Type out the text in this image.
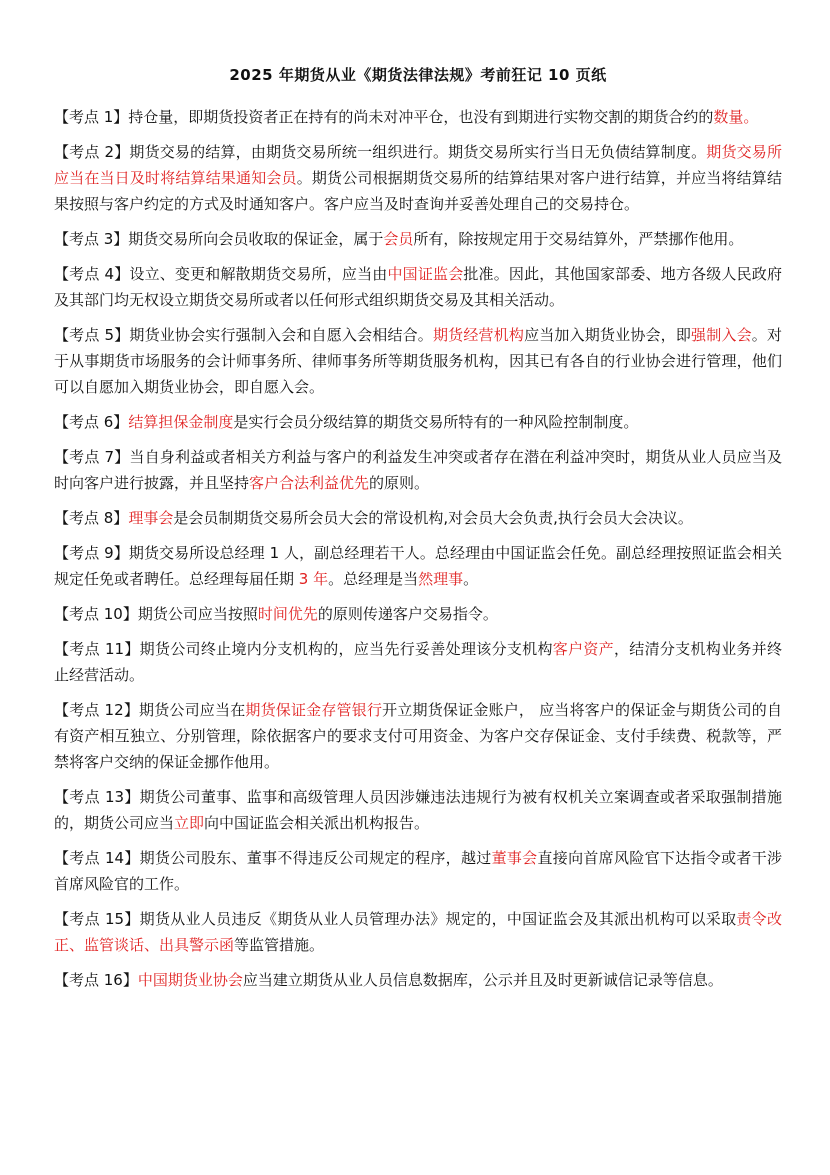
2025 年期货从业《期货法律法规》考前狂记 10 页纸
【考点 1】持仓量，即期货投资者正在持有的尚未对冲平仓，也没有到期进行实物交割的期货合约的数量。
【考点 2】期货交易的结算，由期货交易所统一组织进行。期货交易所实行当日无负债结算制度。期货交易所应当在当日及时将结算结果通知会员。期货公司根据期货交易所的结算结果对客户进行结算，并应当将结算结果按照与客户约定的方式及时通知客户。客户应当及时查询并妥善处理自己的交易持仓。
【考点 3】期货交易所向会员收取的保证金，属于会员所有，除按规定用于交易结算外，严禁挪作他用。
【考点 4】设立、变更和解散期货交易所，应当由中国证监会批准。因此，其他国家部委、地方各级人民政府及其部门均无权设立期货交易所或者以任何形式组织期货交易及其相关活动。
【考点 5】期货业协会实行强制入会和自愿入会相结合。期货经营机构应当加入期货业协会，即强制入会。对于从事期货市场服务的会计师事务所、律师事务所等期货服务机构，因其已有各自的行业协会进行管理，他们可以自愿加入期货业协会，即自愿入会。
【考点 6】结算担保金制度是实行会员分级结算的期货交易所特有的一种风险控制制度。
【考点 7】当自身利益或者相关方利益与客户的利益发生冲突或者存在潜在利益冲突时，期货从业人员应当及时向客户进行披露，并且坚持客户合法利益优先的原则。
【考点 8】理事会是会员制期货交易所会员大会的常设机构,对会员大会负责,执行会员大会决议。
【考点 9】期货交易所设总经理 1 人，副总经理若干人。总经理由中国证监会任免。副总经理按照证监会相关规定任免或者聘任。总经理每届任期 3 年。总经理是当然理事。
【考点 10】期货公司应当按照时间优先的原则传递客户交易指令。
【考点 11】期货公司终止境内分支机构的，应当先行妥善处理该分支机构客户资产，结清分支机构业务并终止经营活动。
【考点 12】期货公司应当在期货保证金存管银行开立期货保证金账户， 应当将客户的保证金与期货公司的自有资产相互独立、分别管理，除依据客户的要求支付可用资金、为客户交存保证金、支付手续费、税款等，严禁将客户交纳的保证金挪作他用。
【考点 13】期货公司董事、监事和高级管理人员因涉嫌违法违规行为被有权机关立案调查或者采取强制措施的，期货公司应当立即向中国证监会相关派出机构报告。
【考点 14】期货公司股东、董事不得违反公司规定的程序，越过董事会直接向首席风险官下达指令或者干涉首席风险官的工作。
【考点 15】期货从业人员违反《期货从业人员管理办法》规定的，中国证监会及其派出机构可以采取责令改正、监管谈话、出具警示函等监管措施。
【考点 16】中国期货业协会应当建立期货从业人员信息数据库，公示并且及时更新诚信记录等信息。
